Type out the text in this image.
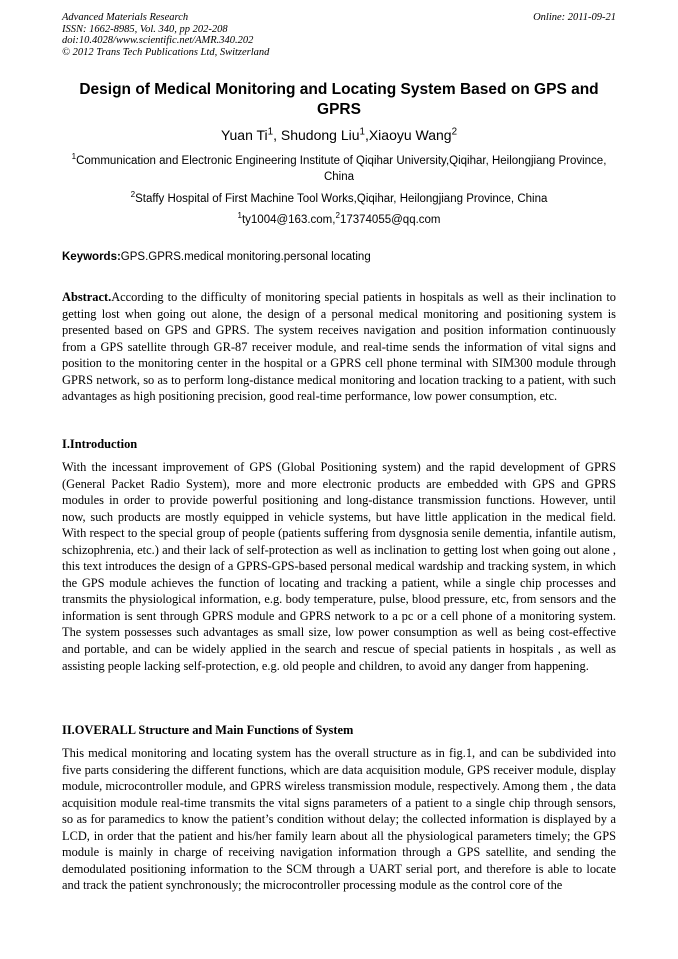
Advanced Materials Research
ISSN: 1662-8985, Vol. 340, pp 202-208
doi:10.4028/www.scientific.net/AMR.340.202
© 2012 Trans Tech Publications Ltd, Switzerland
Online: 2011-09-21
Design of Medical Monitoring and Locating System Based on GPS and GPRS
Yuan Ti$^1$, Shudong Liu$^1$,Xiaoyu Wang$^2$
$^1$Communication and Electronic Engineering Institute of Qiqihar University,Qiqihar, Heilongjiang Province, China
$^2$Staffy Hospital of First Machine Tool Works,Qiqihar, Heilongjiang Province, China
$^1$ty1004@163.com,$^2$17374055@qq.com
Keywords:GPS.GPRS.medical monitoring.personal locating
Abstract.According to the difficulty of monitoring special patients in hospitals as well as their inclination to getting lost when going out alone, the design of a personal medical monitoring and positioning system is presented based on GPS and GPRS. The system receives navigation and position information continuously from a GPS satellite through GR-87 receiver module, and real-time sends the information of vital signs and position to the monitoring center in the hospital or a GPRS cell phone terminal with SIM300 module through GPRS network, so as to perform long-distance medical monitoring and location tracking to a patient, with such advantages as high positioning precision, good real-time performance, low power consumption, etc.
I.Introduction
With the incessant improvement of GPS (Global Positioning system) and the rapid development of GPRS (General Packet Radio System), more and more electronic products are embedded with GPS and GPRS modules in order to provide powerful positioning and long-distance transmission functions. However, until now, such products are mostly equipped in vehicle systems, but have little application in the medical field. With respect to the special group of people (patients suffering from dysgnosia senile dementia, infantile autism, schizophrenia, etc.) and their lack of self-protection as well as inclination to getting lost when going out alone , this text introduces the design of a GPRS-GPS-based personal medical wardship and tracking system, in which the GPS module achieves the function of locating and tracking a patient, while a single chip processes and transmits the physiological information, e.g. body temperature, pulse, blood pressure, etc, from sensors and the information is sent through GPRS module and GPRS network to a pc or a cell phone of a monitoring system. The system possesses such advantages as small size, low power consumption as well as being cost-effective and portable, and can be widely applied in the search and rescue of special patients in hospitals , as well as assisting people lacking self-protection, e.g. old people and children, to avoid any danger from happening.
II.OVERALL Structure and Main Functions of System
This medical monitoring and locating system has the overall structure as in fig.1, and can be subdivided into five parts considering the different functions, which are data acquisition module, GPS receiver module, display module, microcontroller module, and GPRS wireless transmission module, respectively. Among them , the data acquisition module real-time transmits the vital signs parameters of a patient to a single chip through sensors, so as for paramedics to know the patient’s condition without delay; the collected information is displayed by a LCD, in order that the patient and his/her family learn about all the physiological parameters timely; the GPS module is mainly in charge of receiving navigation information through a GPS satellite, and sending the demodulated positioning information to the SCM through a UART serial port, and therefore is able to locate and track the patient synchronously; the microcontroller processing module as the control core of the
